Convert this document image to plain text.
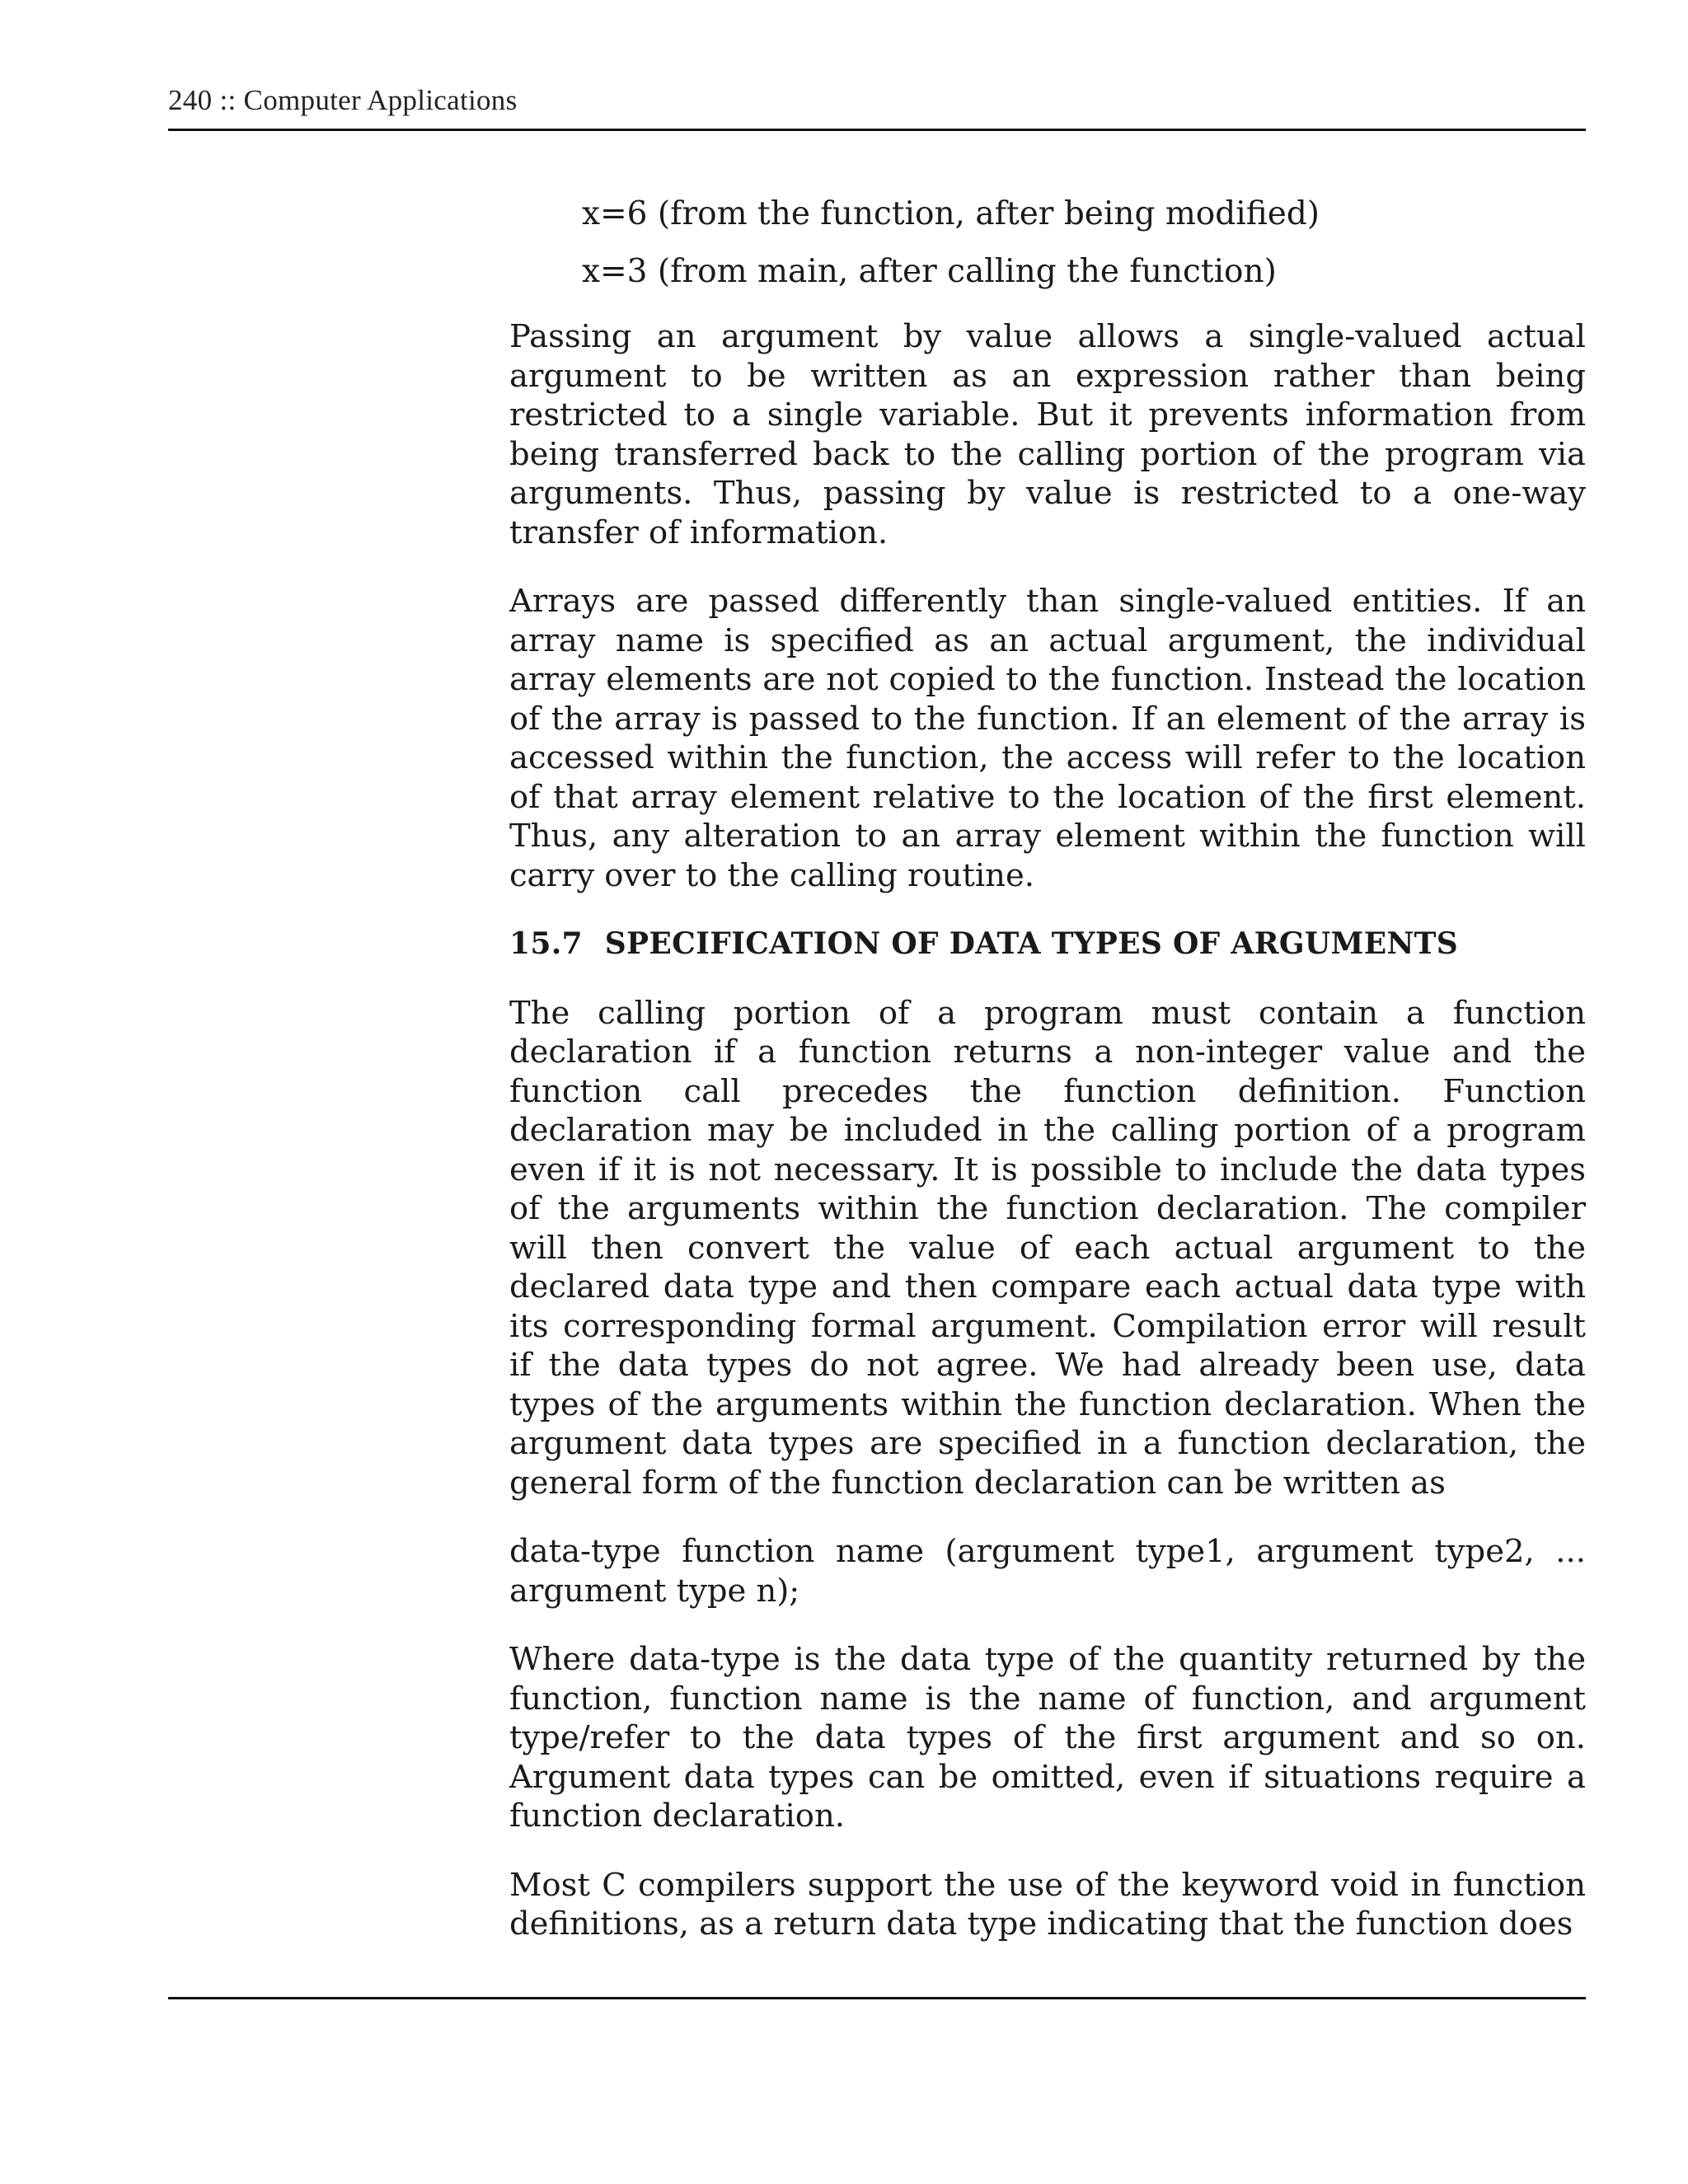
240 :: Computer Applications

x=6 (from the function, after being modified)

x=3 (from main, after calling the function)

Passing an argument by value allows a single-valued actual argument to be written as an expression rather than being restricted to a single variable. But it prevents information from being transferred back to the calling portion of the program via arguments. Thus, passing by value is restricted to a one-way transfer of information.

Arrays are passed differently than single-valued entities. If an array name is specified as an actual argument, the individual array elements are not copied to the function. Instead the location of the array is passed to the function. If an element of the array is accessed within the function, the access will refer to the location of that array element relative to the location of the first element. Thus, any alteration to an array element within the function will carry over to the calling routine.

15.7 SPECIFICATION OF DATA TYPES OF ARGUMENTS

The calling portion of a program must contain a function declaration if a function returns a non-integer value and the function call precedes the function definition. Function declaration may be included in the calling portion of a program even if it is not necessary. It is possible to include the data types of the arguments within the function declaration. The compiler will then convert the value of each actual argument to the declared data type and then compare each actual data type with its corresponding formal argument. Compilation error will result if the data types do not agree. We had already been use, data types of the arguments within the function declaration. When the argument data types are specified in a function declaration, the general form of the function declaration can be written as

data-type function name (argument type1, argument type2, ... argument type n);

Where data-type is the data type of the quantity returned by the function, function name is the name of function, and argument type/refer to the data types of the first argument and so on. Argument data types can be omitted, even if situations require a function declaration.

Most C compilers support the use of the keyword void in function definitions, as a return data type indicating that the function does
